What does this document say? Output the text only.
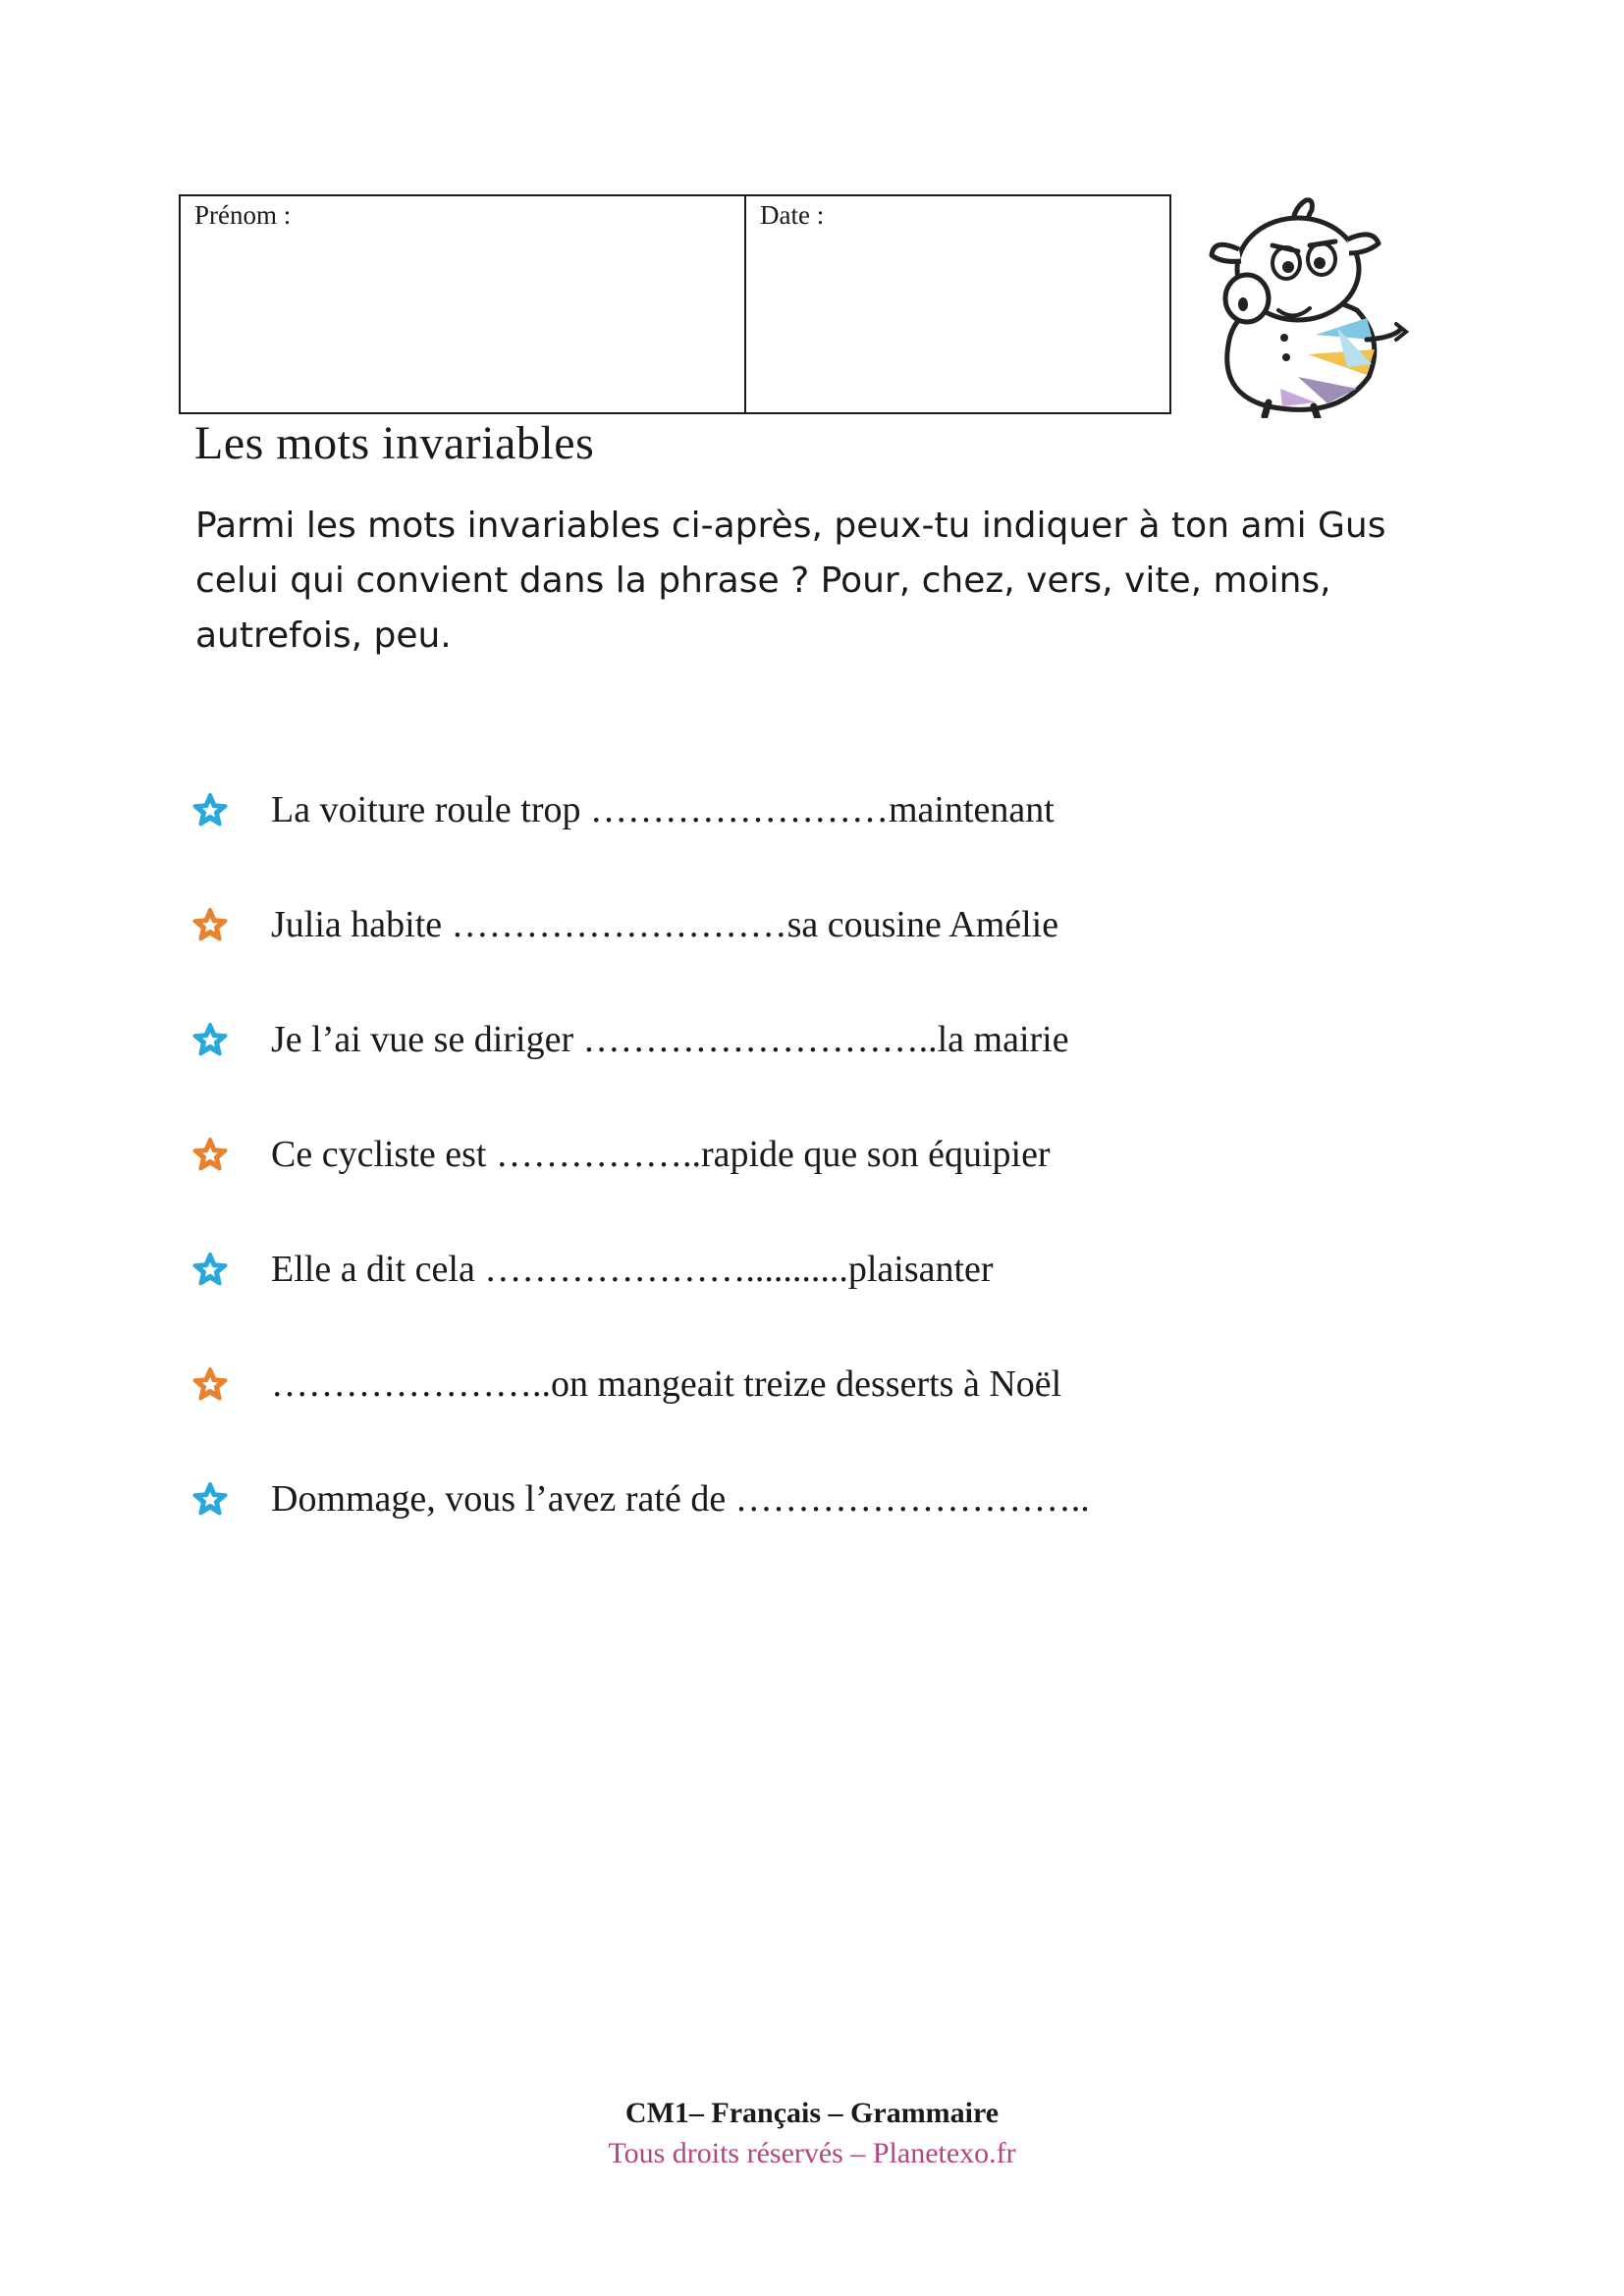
Prénom :	Date :
Les mots invariables

Parmi les mots invariables ci-après, peux-tu indiquer à ton ami Gus celui qui convient dans la phrase ? Pour, chez, vers, vite, moins, autrefois, peu.

La voiture roule trop ……………………maintenant
Julia habite ………………………sa cousine Amélie
Je l’ai vue se diriger ………………………..la mairie
Ce cycliste est ……………..rapide que son équipier
Elle a dit cela …………………...........plaisanter
…………………..on mangeait treize desserts à Noël
Dommage, vous l’avez raté de ………………………..
CM1– Français – Grammaire
Tous droits réservés – Planetexo.fr
